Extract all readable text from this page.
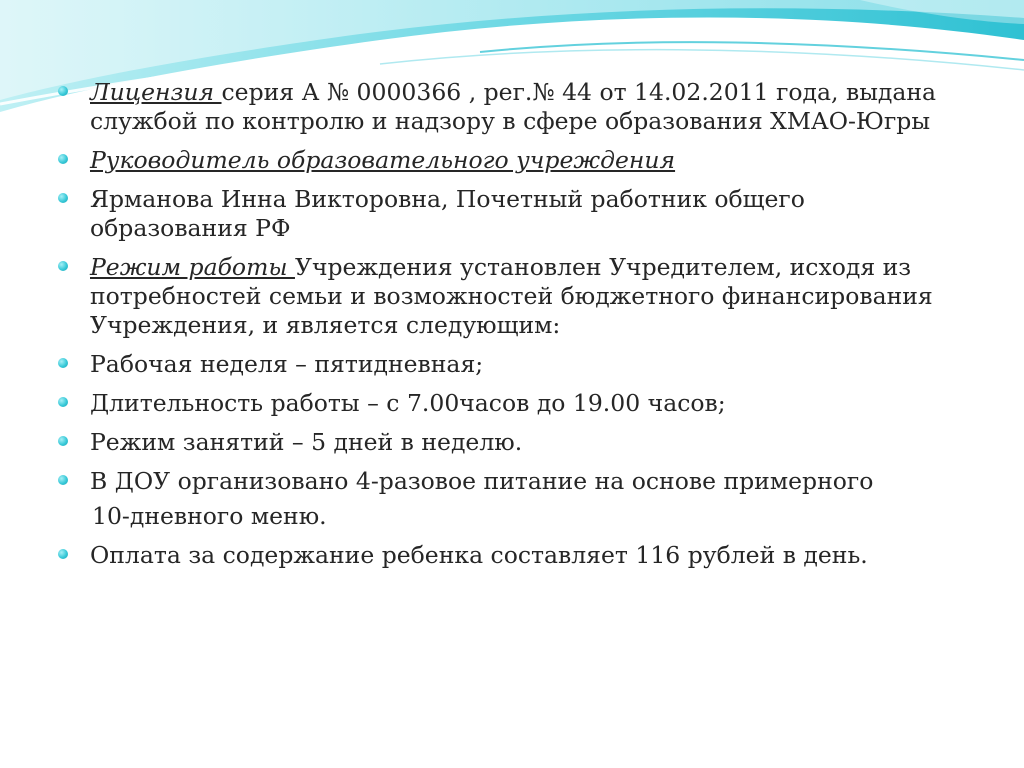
Лицензия серия А № 0000366 , рег.№ 44 от 14.02.2011 года, выдана службой по контролю и надзору в сфере образования ХМАО-Югры
Руководитель образовательного учреждения
Ярманова Инна Викторовна, Почетный работник общего образования РФ
Режим работы Учреждения установлен Учредителем, исходя из потребностей семьи и возможностей бюджетного финансирования Учреждения, и является следующим:
Рабочая неделя – пятидневная;
Длительность работы – с 7.00часов до 19.00 часов;
Режим занятий – 5 дней в неделю.
В ДОУ организовано 4-разовое питание на основе примерного
10-дневного меню.
Оплата за содержание ребенка составляет 116 рублей в день.
